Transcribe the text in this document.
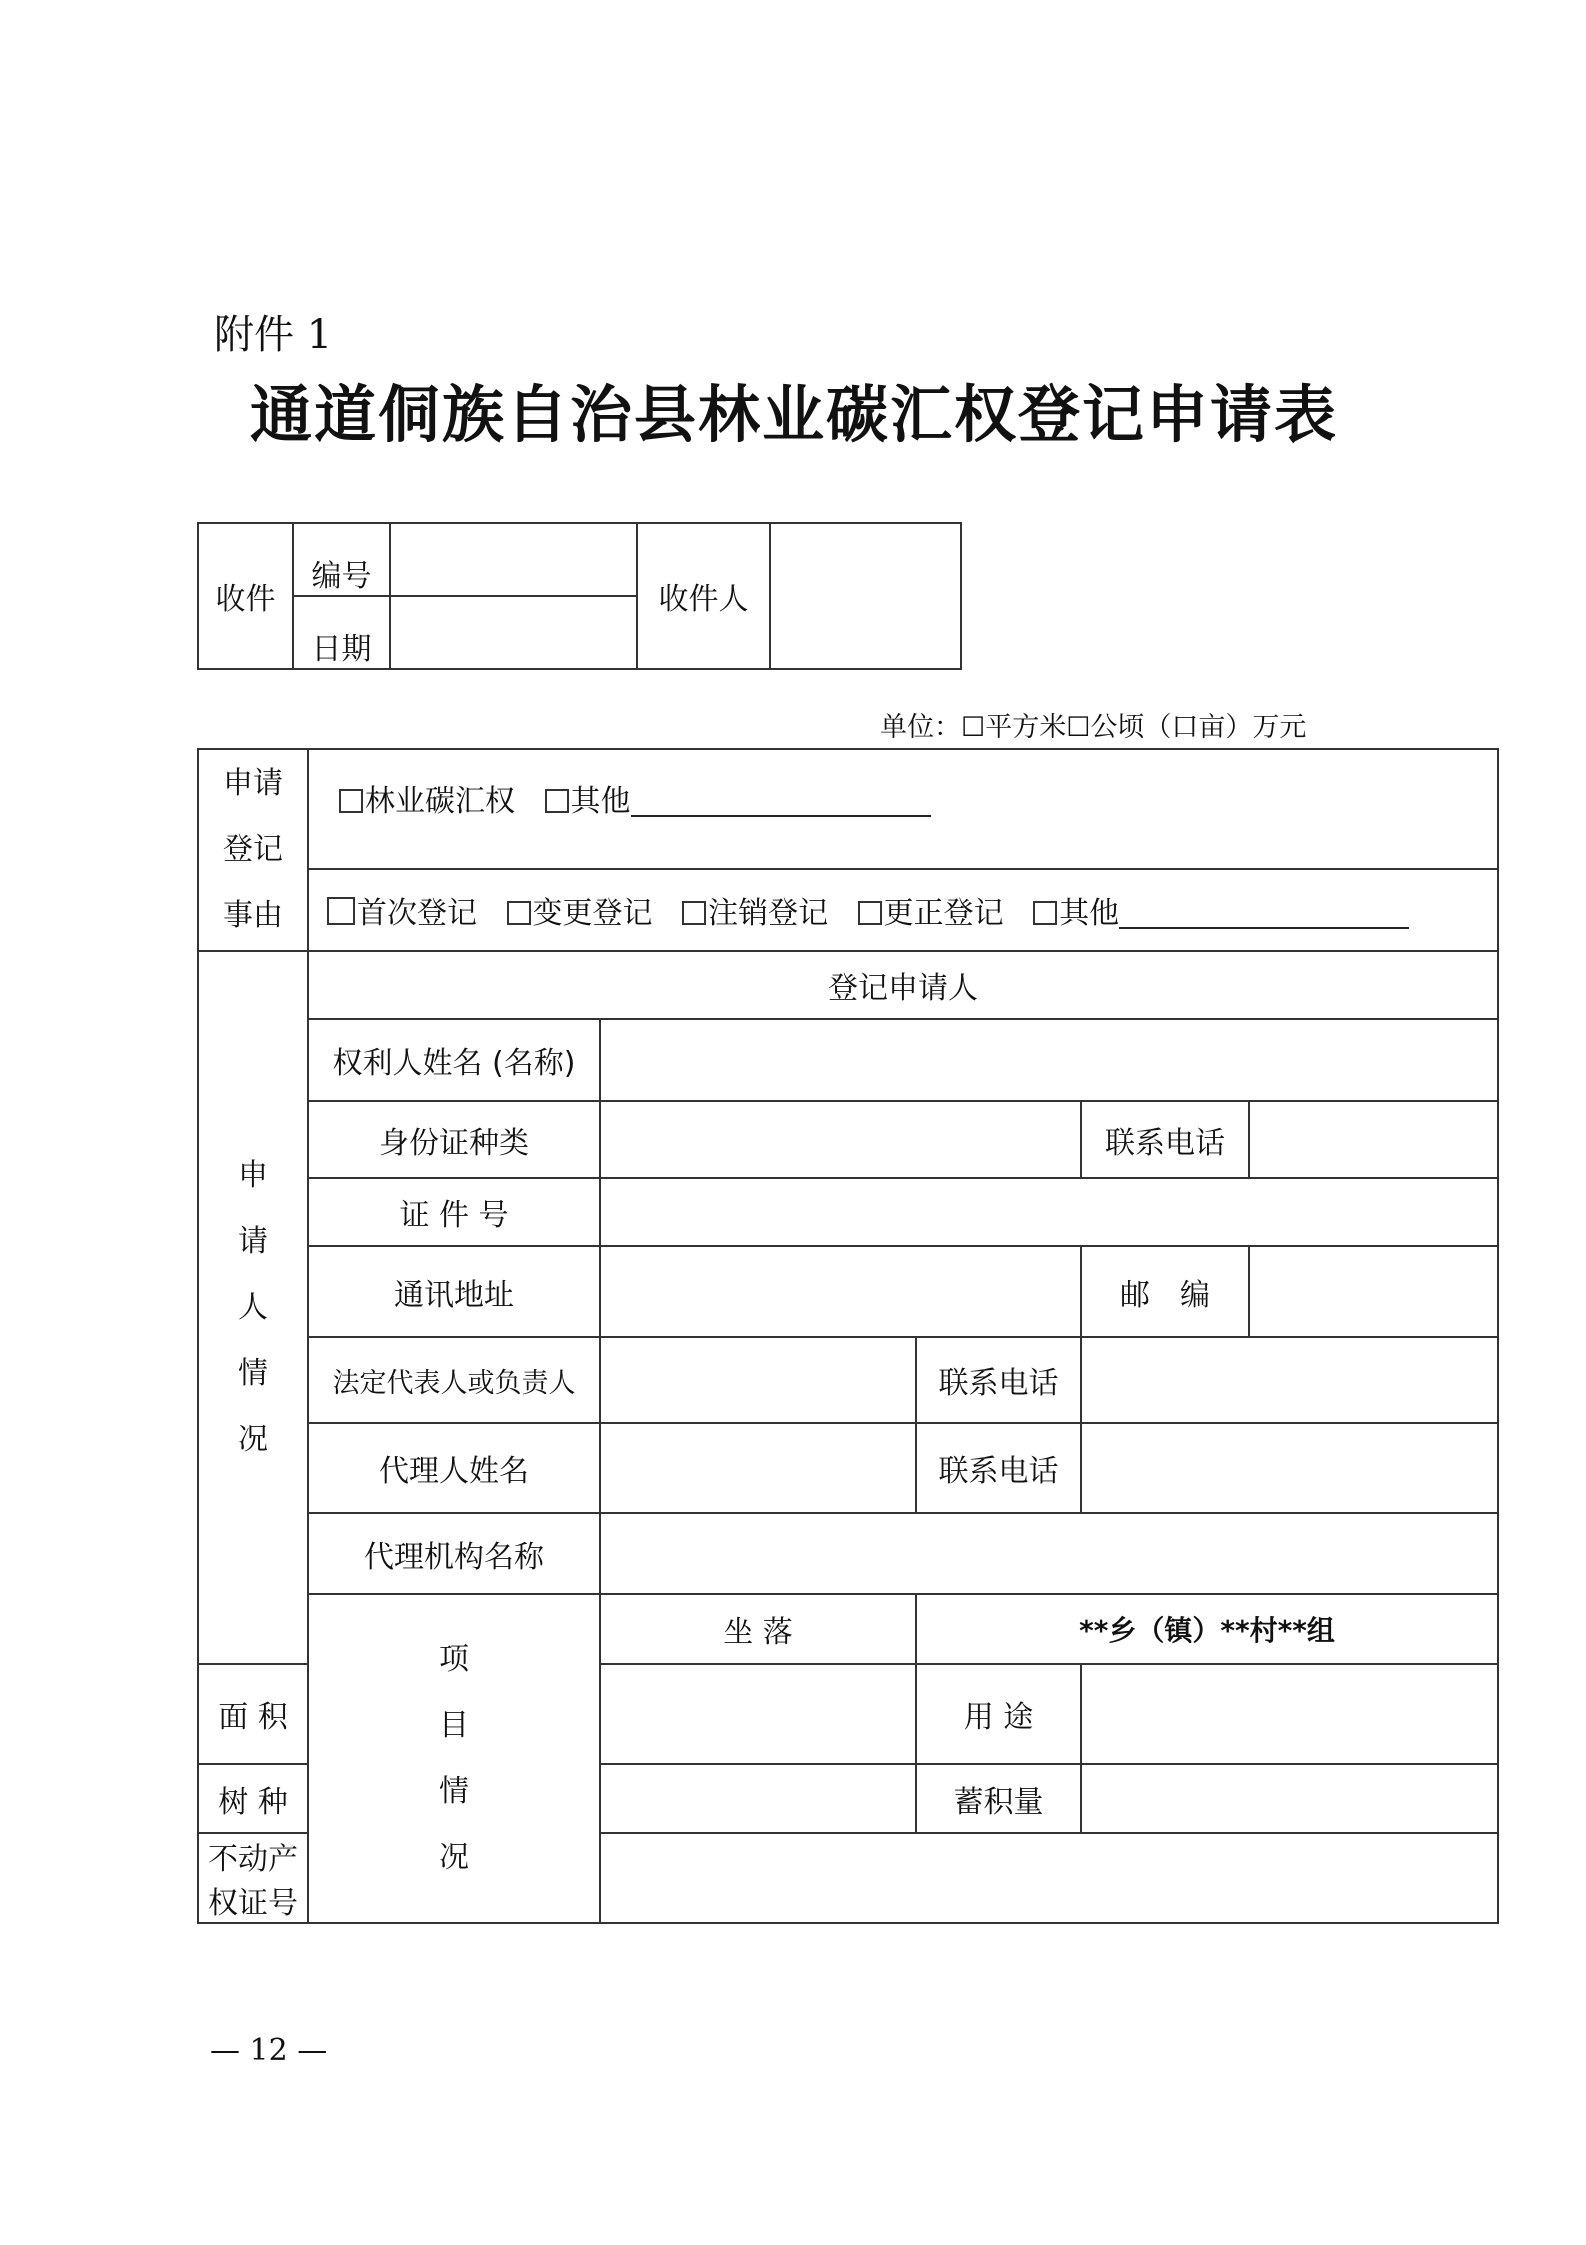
附件 1
通道侗族自治县林业碳汇权登记申请表
收件	编号		收件人	
	日期			
单位：☐平方米☐公顷（口亩）万元
申请
登记
事由	林业碳汇权 其他				
	首次登记 变更登记 注销登记 更正登记 其他				
申
请
人
情
况	登记申请人				
	权利人姓名 (名称)				
	身份证种类			联系电话	
	证 件 号				
	通讯地址			邮　编	
	法定代表人或负责人		联系电话		
	代理人姓名		联系电话		
	代理机构名称				
	项
目
情
况	坐 落	**乡（镇）**村**组		
面 积			用 途		
树 种			蓄积量		
不动产权证号					
— 12 —
